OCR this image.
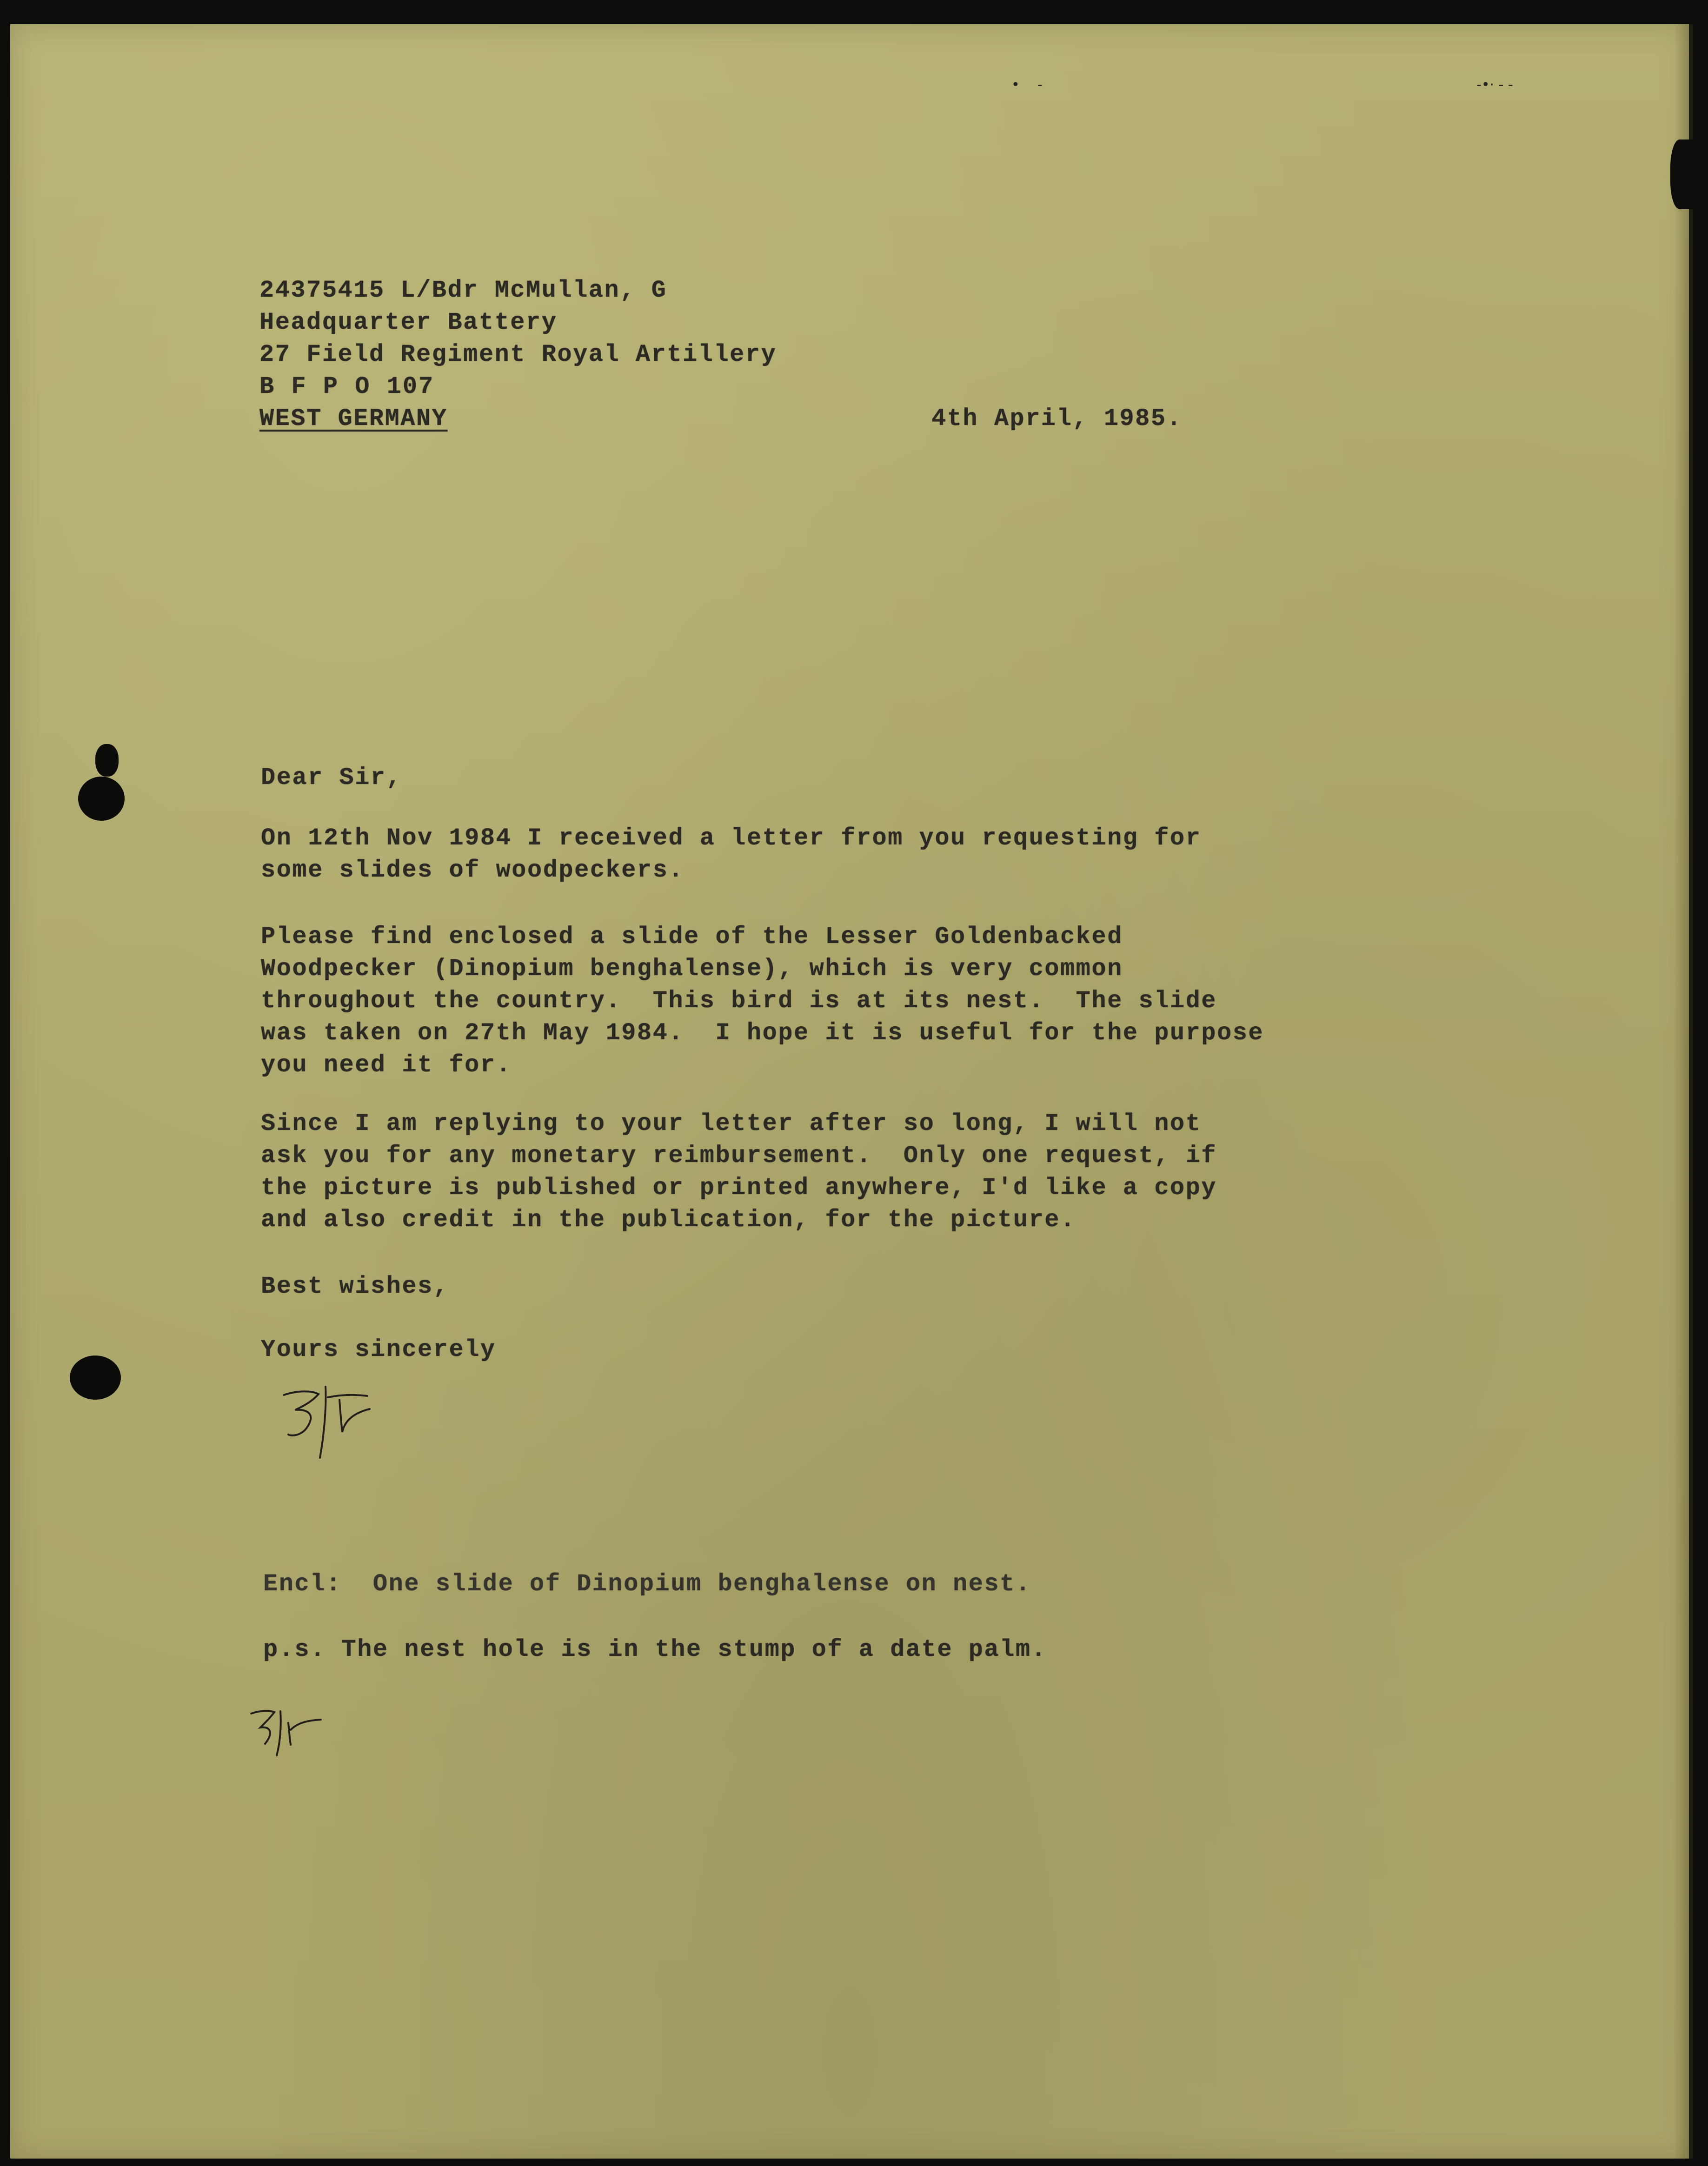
•    -	-•· - -
24375415 L/Bdr McMullan, G
Headquarter Battery
27 Field Regiment Royal Artillery
B F P O 107
WEST GERMANY	4th April, 1985.
Dear Sir,
On 12th Nov 1984 I received a letter from you requesting for
some slides of woodpeckers.
Please find enclosed a slide of the Lesser Goldenbacked
Woodpecker (Dinopium benghalense), which is very common
throughout the country.  This bird is at its nest.  The slide
was taken on 27th May 1984.  I hope it is useful for the purpose
you need it for.
Since I am replying to your letter after so long, I will not
ask you for any monetary reimbursement.  Only one request, if
the picture is published or printed anywhere, I'd like a copy
and also credit in the publication, for the picture.
Best wishes,
Yours sincerely
Encl:  One slide of Dinopium benghalense on nest.
p.s. The nest hole is in the stump of a date palm.
